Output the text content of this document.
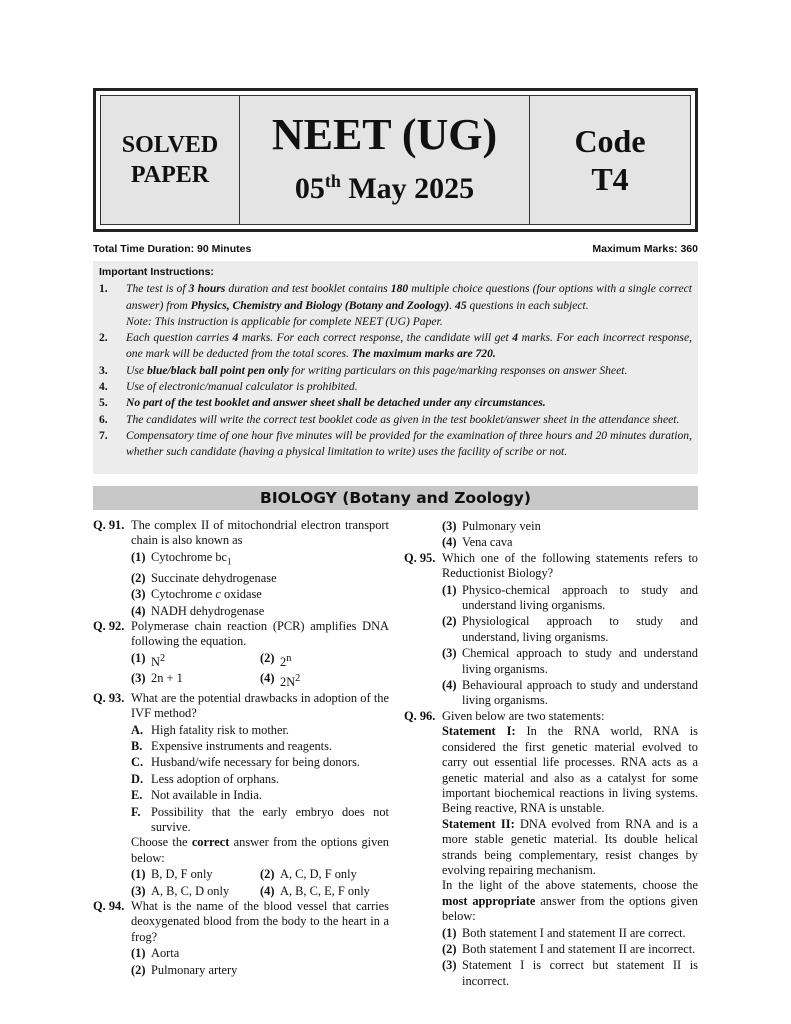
SOLVED
PAPER
NEET (UG)
05th May 2025
Code
T4
Total Time Duration: 90 Minutes	Maximum Marks: 360
Important Instructions:
1.	The test is of 3 hours duration and test booklet contains 180 multiple choice questions (four options with a single correct answer) from Physics, Chemistry and Biology (Botany and Zoology). 45 questions in each subject.
Note: This instruction is applicable for complete NEET (UG) Paper.
2.	Each question carries 4 marks. For each correct response, the candidate will get 4 marks. For each incorrect response, one mark will be deducted from the total scores. The maximum marks are 720.
3.	Use blue/black ball point pen only for writing particulars on this page/marking responses on answer Sheet.
4.	Use of electronic/manual calculator is prohibited.
5.	No part of the test booklet and answer sheet shall be detached under any circumstances.
6.	The candidates will write the correct test booklet code as given in the test booklet/answer sheet in the attendance sheet.
7.	Compensatory time of one hour five minutes will be provided for the examination of three hours and 20 minutes duration, whether such candidate (having a physical limitation to write) uses the facility of scribe or not.
BIOLOGY (Botany and Zoology)
Q. 91. The complex II of mitochondrial electron transport chain is also known as
(1) Cytochrome $bc_1$
(2) Succinate dehydrogenase
(3) Cytochrome c oxidase
(4) NADH dehydrogenase
Q. 92. Polymerase chain reaction (PCR) amplifies DNA following the equation.
(1) $N^2$	(2) 2$^n$
(3) 2n + 1	(4) $2N^2$
Q. 93. What are the potential drawbacks in adoption of the IVF method?
A. High fatality risk to mother.
B. Expensive instruments and reagents.
C. Husband/wife necessary for being donors.
D. Less adoption of orphans.
E. Not available in India.
F. Possibility that the early embryo does not survive.
Choose the correct answer from the options given below:
(1) B, D, F only	(2) A, C, D, F only
(3) A, B, C, D only	(4) A, B, C, E, F only
Q. 94. What is the name of the blood vessel that carries deoxygenated blood from the body to the heart in a frog?
(1) Aorta
(2) Pulmonary artery
(3) Pulmonary vein
(4) Vena cava
Q. 95. Which one of the following statements refers to Reductionist Biology?
(1) Physico-chemical approach to study and understand living organisms.
(2) Physiological approach to study and understand, living organisms.
(3) Chemical approach to study and understand living organisms.
(4) Behavioural approach to study and understand living organisms.
Q. 96. Given below are two statements:
Statement I: In the RNA world, RNA is considered the first genetic material evolved to carry out essential life processes. RNA acts as a genetic material and also as a catalyst for some important biochemical reactions in living systems. Being reactive, RNA is unstable.
Statement II: DNA evolved from RNA and is a more stable genetic material. Its double helical strands being complementary, resist changes by evolving repairing mechanism.
In the light of the above statements, choose the most appropriate answer from the options given below:
(1) Both statement I and statement II are correct.
(2) Both statement I and statement II are incorrect.
(3) Statement I is correct but statement II is incorrect.
